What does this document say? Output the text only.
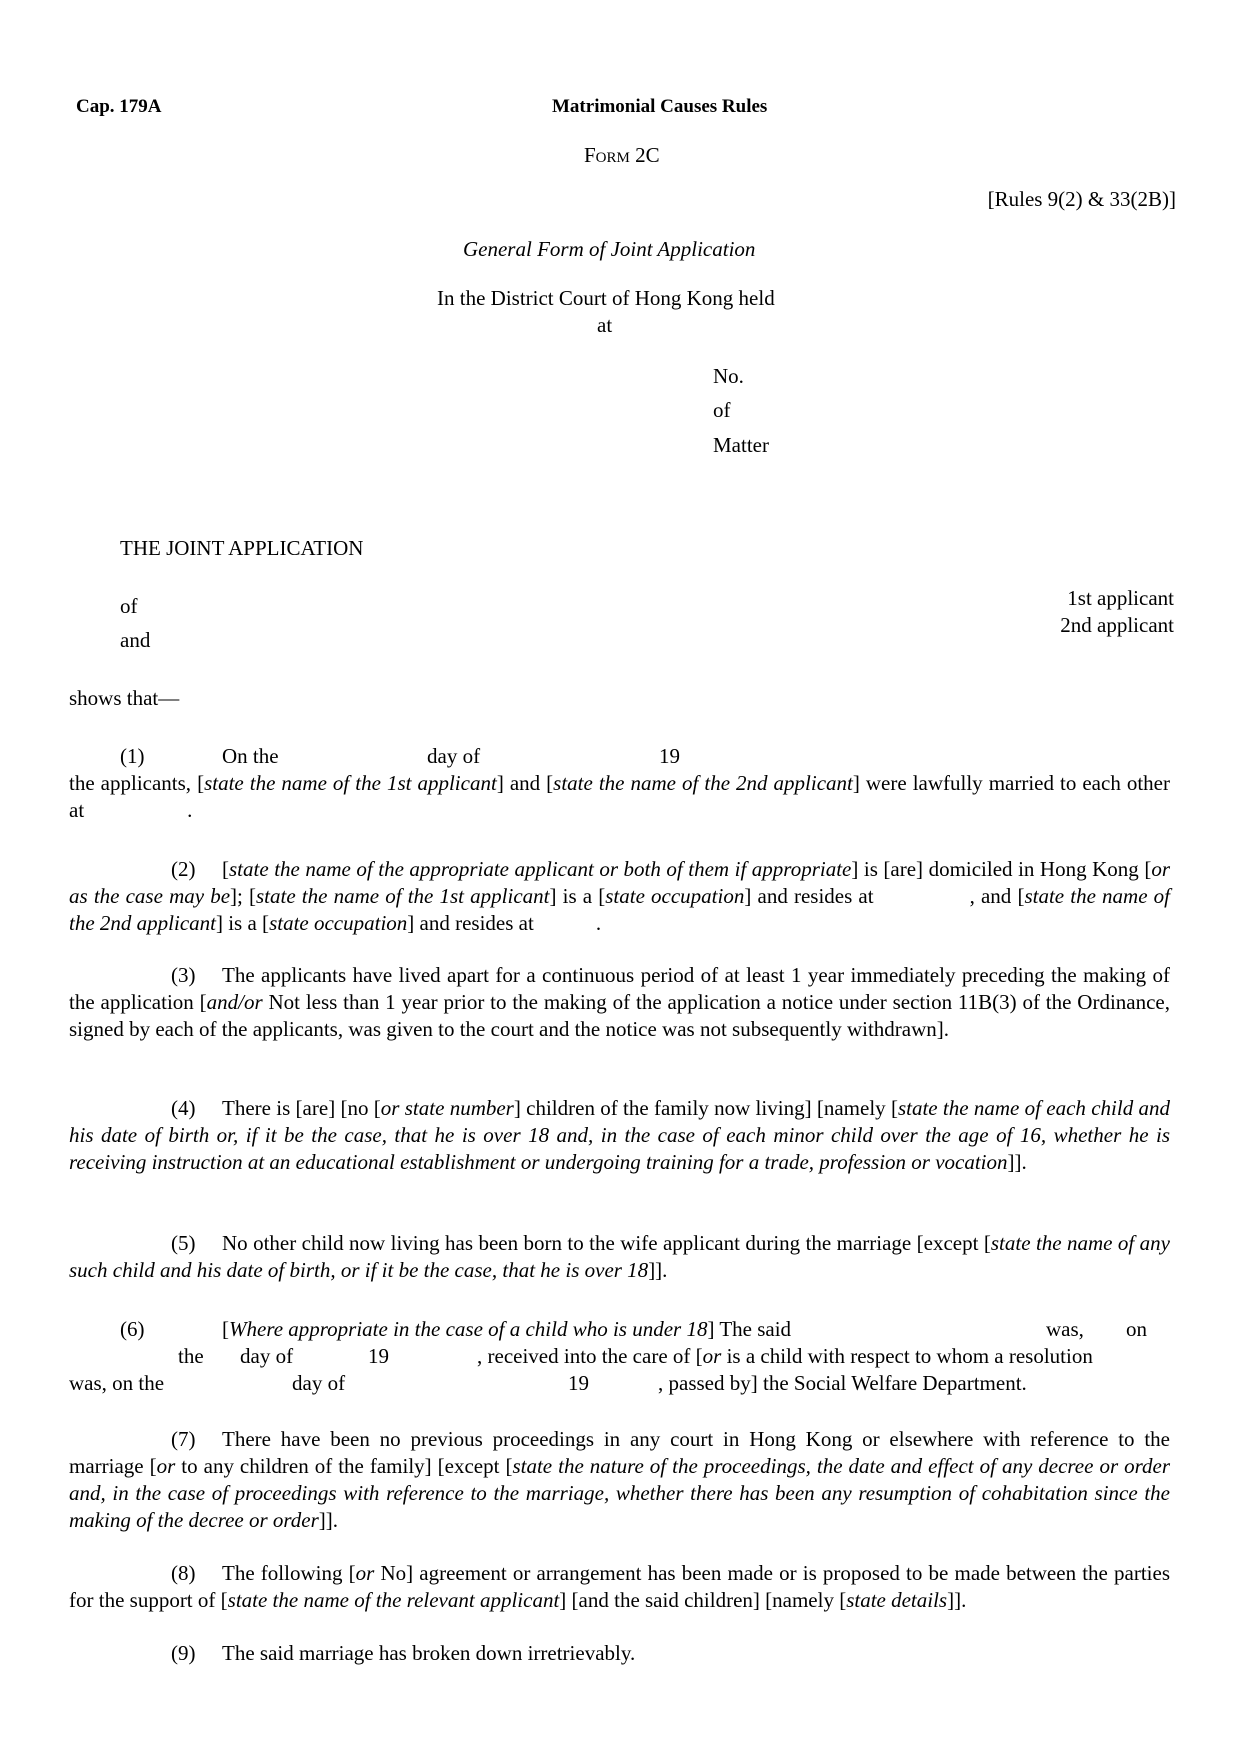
Cap. 179A	Matrimonial Causes Rules
Form 2C
[Rules 9(2) & 33(2B)]
General Form of Joint Application
In the District Court of Hong Kong held
at
No.
of
Matter
THE JOINT APPLICATION
of
and
1st applicant
2nd applicant
shows that—
(1)	On the	day of	19
the applicants, [state the name of the 1st applicant] and [state the name of the 2nd applicant] were lawfully married to each other at	.
(2) [state the name of the appropriate applicant or both of them if appropriate] is [are] domiciled in Hong Kong [or as the case may be]; [state the name of the 1st applicant] is a [state occupation] and resides at	, and [state the name of the 2nd applicant] is a [state occupation] and resides at	.
(3) The applicants have lived apart for a continuous period of at least 1 year immediately preceding the making of the application [and/or Not less than 1 year prior to the making of the application a notice under section 11B(3) of the Ordinance, signed by each of the applicants, was given to the court and the notice was not subsequently withdrawn].
(4) There is [are] [no [or state number] children of the family now living] [namely [state the name of each child and his date of birth or, if it be the case, that he is over 18 and, in the case of each minor child over the age of 16, whether he is receiving instruction at an educational establishment or undergoing training for a trade, profession or vocation]].
(5) No other child now living has been born to the wife applicant during the marriage [except [state the name of any such child and his date of birth, or if it be the case, that he is over 18]].
(6)	[Where appropriate in the case of a child who is under 18] The said	was, on
the day of	19	, received into the care of [or is a child with respect to whom a resolution
was, on the	day of	19	, passed by] the Social Welfare Department.
(7) There have been no previous proceedings in any court in Hong Kong or elsewhere with reference to the marriage [or to any children of the family] [except [state the nature of the proceedings, the date and effect of any decree or order and, in the case of proceedings with reference to the marriage, whether there has been any resumption of cohabitation since the making of the decree or order]].
(8) The following [or No] agreement or arrangement has been made or is proposed to be made between the parties for the support of [state the name of the relevant applicant] [and the said children] [namely [state details]].
(9) The said marriage has broken down irretrievably.
